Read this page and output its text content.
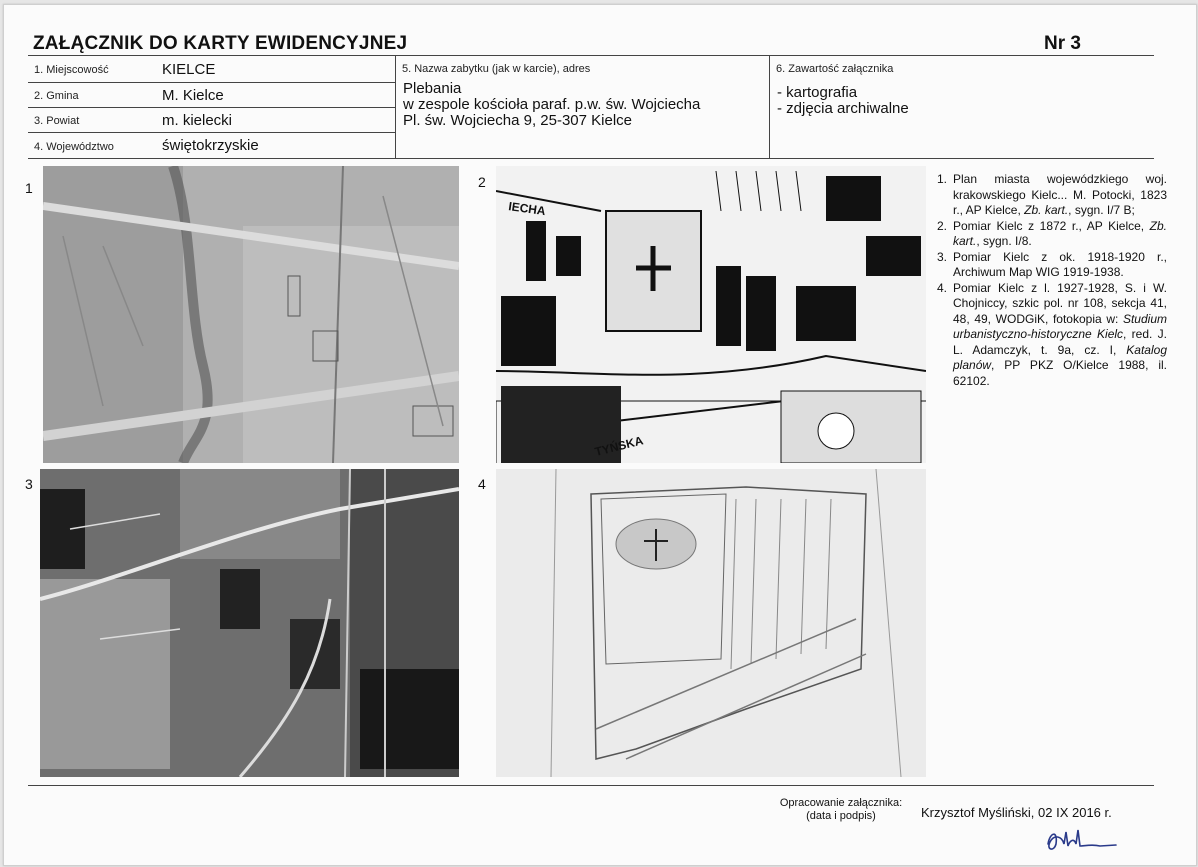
ZAŁĄCZNIK DO KARTY EWIDENCYJNEJ	Nr 3
1. Miejscowość	KIELCE
2. Gmina	M. Kielce
3. Powiat	m. kielecki
4. Województwo	świętokrzyskie
5. Nazwa zabytku (jak w karcie), adres
Plebania
w zespole kościoła paraf. p.w. św. Wojciecha
Pl. św. Wojciecha 9, 25-307 Kielce
6. Zawartość załącznika
- kartografia
- zdjęcia archiwalne
1	2
3	4
IECHA
TYŃSKA
1. Plan miasta wojewódzkiego woj. krakowskiego Kielc... M. Potocki, 1823 r., AP Kielce, Zb. kart., sygn. I/7 B;
2. Pomiar Kielc z 1872 r., AP Kielce, Zb. kart., sygn. I/8.
3. Pomiar Kielc z ok. 1918-1920 r., Archiwum Map WIG 1919-1938.
4. Pomiar Kielc z l. 1927-1928, S. i W. Chojniccy, szkic pol. nr 108, sekcja 41, 48, 49, WODGiK, fotokopia w: Studium urbanistyczno-historyczne Kielc, red. J. L. Adamczyk, t. 9a, cz. I, Katalog planów, PP PKZ O/Kielce 1988, il. 62102.
Opracowanie załącznika:
(data i podpis)	Krzysztof Myśliński, 02 IX 2016 r.
